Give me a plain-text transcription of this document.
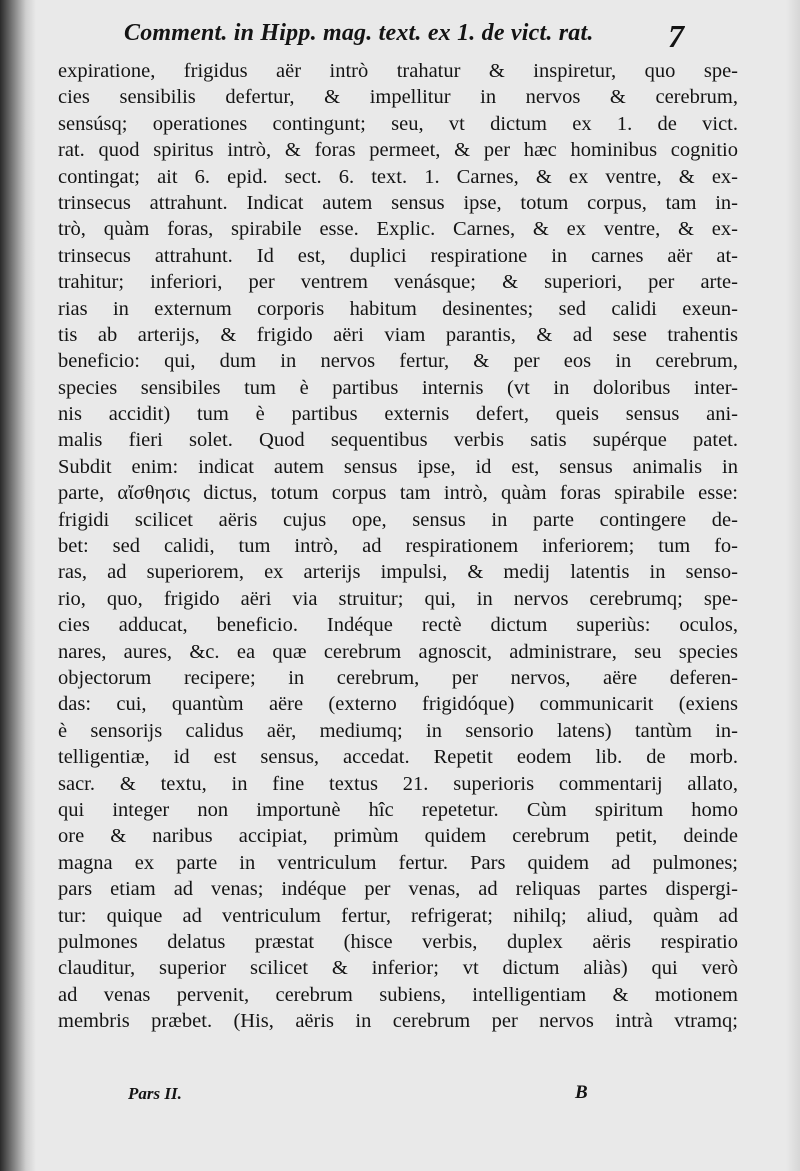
Comment. in Hipp. mag. text. ex 1. de vict. rat.	7
expiratione, frigidus aër intrò trahatur & inspiretur, quo spe-
cies sensibilis defertur, & impellitur in nervos & cerebrum,
sensúsq; operationes contingunt; seu, vt dictum ex 1. de vict.
rat. quod spiritus intrò, & foras permeet, & per hæc hominibus cognitio
contingat; ait 6. epid. sect. 6. text. 1. Carnes, & ex ventre, & ex-
trinsecus attrahunt. Indicat autem sensus ipse, totum corpus, tam in-
trò, quàm foras, spirabile esse. Explic. Carnes, & ex ventre, & ex-
trinsecus attrahunt. Id est, duplici respiratione in carnes aër at-
trahitur; inferiori, per ventrem venásque; & superiori, per arte-
rias in externum corporis habitum desinentes; sed calidi exeun-
tis ab arterijs, & frigido aëri viam parantis, & ad sese trahentis
beneficio: qui, dum in nervos fertur, & per eos in cerebrum,
species sensibiles tum è partibus internis (vt in doloribus inter-
nis accidit) tum è partibus externis defert, queis sensus ani-
malis fieri solet. Quod sequentibus verbis satis supérque patet.
Subdit enim: indicat autem sensus ipse, id est, sensus animalis in
parte, αἴσθησις dictus, totum corpus tam intrò, quàm foras spirabile esse:
frigidi scilicet aëris cujus ope, sensus in parte contingere de-
bet: sed calidi, tum intrò, ad respirationem inferiorem; tum fo-
ras, ad superiorem, ex arterijs impulsi, & medij latentis in senso-
rio, quo, frigido aëri via struitur; qui, in nervos cerebrumq; spe-
cies adducat, beneficio. Indéque rectè dictum superiùs: oculos,
nares, aures, &c. ea quæ cerebrum agnoscit, administrare, seu species
objectorum recipere; in cerebrum, per nervos, aëre deferen-
das: cui, quantùm aëre (externo frigidóque) communicarit (exiens
è sensorijs calidus aër, mediumq; in sensorio latens) tantùm in-
telligentiæ, id est sensus, accedat. Repetit eodem lib. de morb.
sacr. & textu, in fine textus 21. superioris commentarij allato,
qui integer non importunè hîc repetetur. Cùm spiritum homo
ore & naribus accipiat, primùm quidem cerebrum petit, deinde
magna ex parte in ventriculum fertur. Pars quidem ad pulmones;
pars etiam ad venas; indéque per venas, ad reliquas partes dispergi-
tur: quique ad ventriculum fertur, refrigerat; nihilq; aliud, quàm ad
pulmones delatus præstat (hisce verbis, duplex aëris respiratio
clauditur, superior scilicet & inferior; vt dictum aliàs) qui verò
ad venas pervenit, cerebrum subiens, intelligentiam & motionem
membris præbet. (His, aëris in cerebrum per nervos intrà vtramq;
Pars II.	B
